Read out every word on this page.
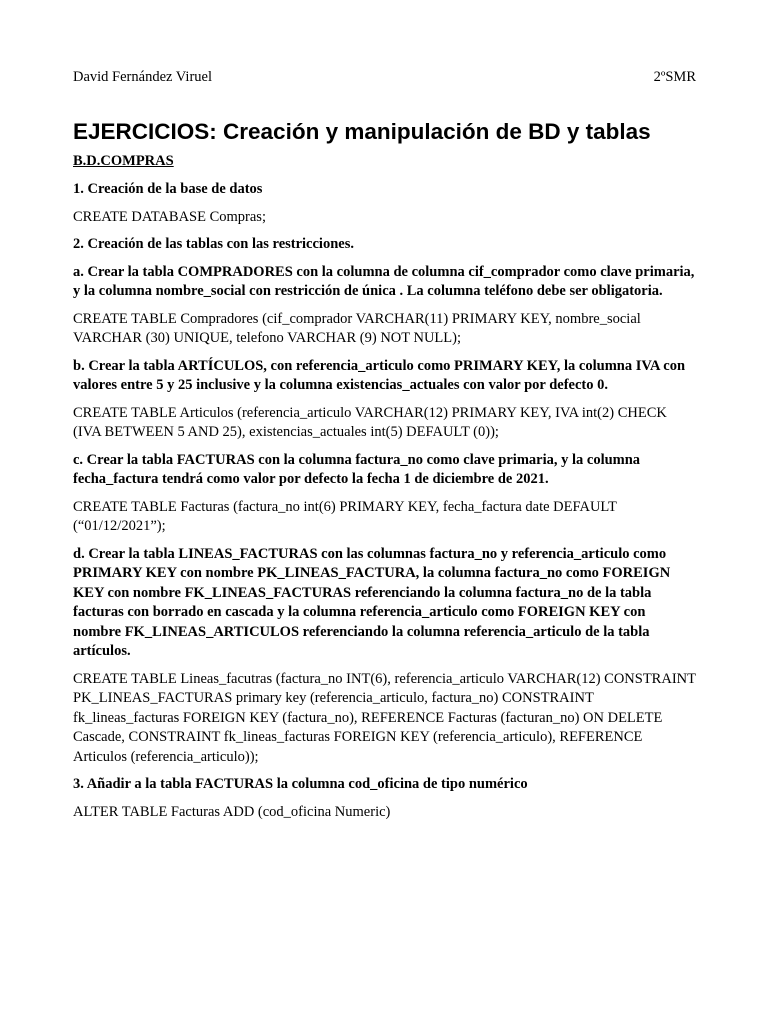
David Fernández Viruel	2ºSMR
EJERCICIOS: Creación y manipulación de BD y tablas
B.D.COMPRAS
1. Creación de la base de datos
CREATE DATABASE Compras;
2. Creación de las tablas con las restricciones.
a. Crear la tabla COMPRADORES con la columna de columna cif_comprador como clave primaria, y la columna nombre_social con restricción de única . La columna teléfono debe ser obligatoria.
CREATE TABLE Compradores (cif_comprador VARCHAR(11) PRIMARY KEY, nombre_social VARCHAR (30) UNIQUE, telefono VARCHAR (9) NOT NULL);
b. Crear la tabla ARTÍCULOS, con referencia_articulo como PRIMARY KEY, la columna IVA con valores entre 5 y 25 inclusive y la columna existencias_actuales con valor por defecto 0.
CREATE TABLE Articulos (referencia_articulo VARCHAR(12) PRIMARY KEY, IVA int(2) CHECK (IVA BETWEEN 5 AND 25), existencias_actuales int(5) DEFAULT (0));
c. Crear la tabla FACTURAS con la columna factura_no como clave primaria, y la columna fecha_factura tendrá como valor por defecto la fecha 1 de diciembre de 2021.
CREATE TABLE Facturas (factura_no int(6) PRIMARY KEY, fecha_factura date DEFAULT (“01/12/2021”);
d. Crear la tabla LINEAS_FACTURAS con las columnas factura_no y referencia_articulo como PRIMARY KEY con nombre PK_LINEAS_FACTURA, la columna factura_no como FOREIGN KEY con nombre FK_LINEAS_FACTURAS referenciando la columna factura_no de la tabla facturas con borrado en cascada y la columna referencia_articulo como FOREIGN KEY con nombre FK_LINEAS_ARTICULOS referenciando la columna referencia_articulo de la tabla artículos.
CREATE TABLE Lineas_facutras (factura_no INT(6), referencia_articulo VARCHAR(12) CONSTRAINT PK_LINEAS_FACTURAS primary key (referencia_articulo, factura_no) CONSTRAINT fk_lineas_facturas FOREIGN KEY (factura_no), REFERENCE Facturas (facturan_no) ON DELETE Cascade, CONSTRAINT fk_lineas_facturas FOREIGN KEY (referencia_articulo), REFERENCE Articulos (referencia_articulo));
3. Añadir a la tabla FACTURAS la columna cod_oficina de tipo numérico
ALTER TABLE Facturas ADD (cod_oficina Numeric)
